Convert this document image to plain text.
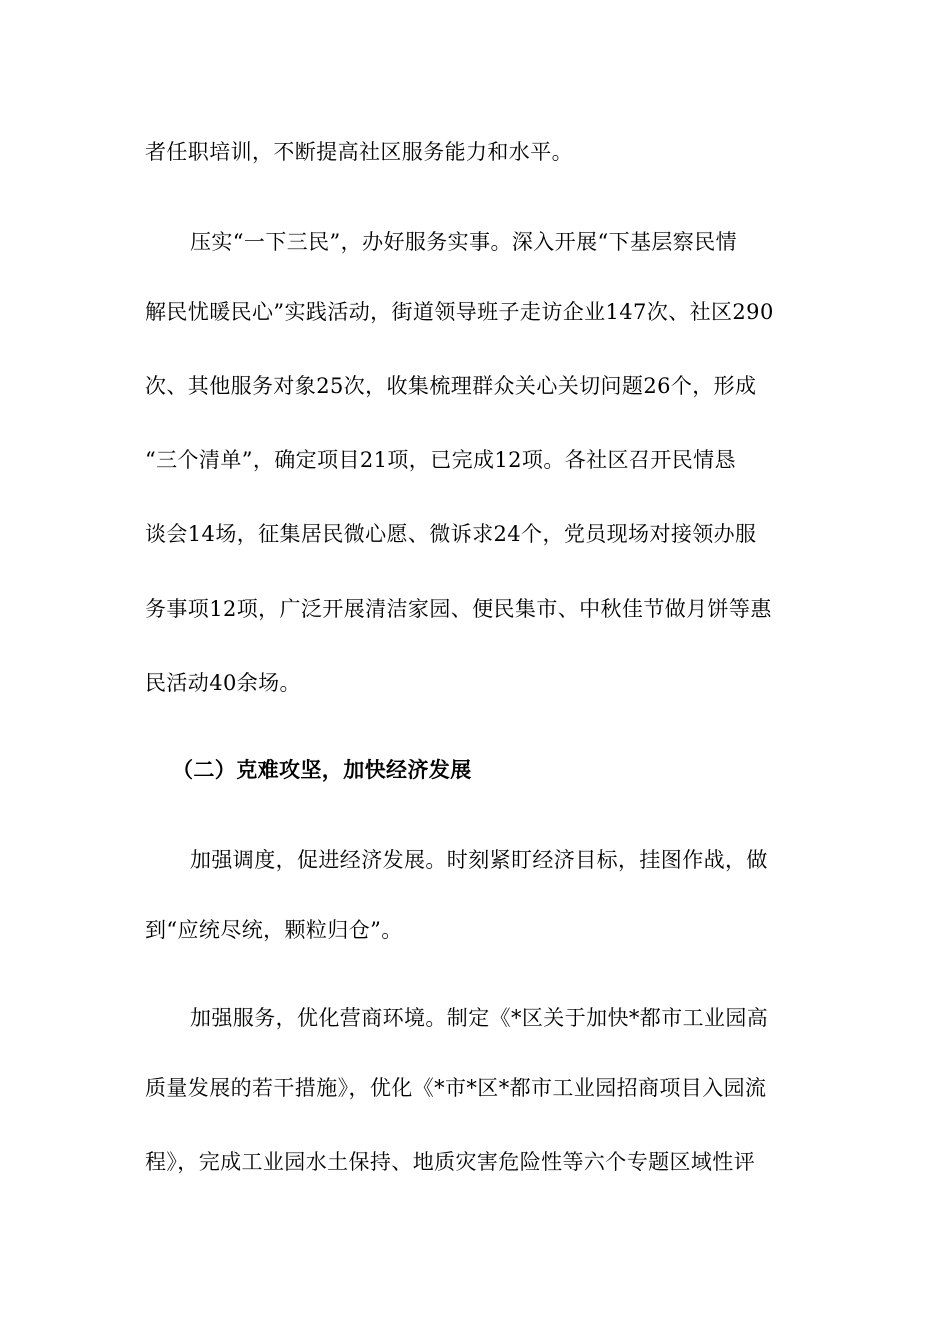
者任职培训，不断提高社区服务能力和水平。
压实“一下三民”，办好服务实事。深入开展“下基层察民情
解民忧暖民心”实践活动，街道领导班子走访企业147次、社区290
次、其他服务对象25次，收集梳理群众关心关切问题26个，形成
“三个清单”，确定项目21项，已完成12项。各社区召开民情恳
谈会14场，征集居民微心愿、微诉求24个，党员现场对接领办服
务事项12项，广泛开展清洁家园、便民集市、中秋佳节做月饼等惠
民活动40余场。
（二）克难攻坚，加快经济发展
加强调度，促进经济发展。时刻紧盯经济目标，挂图作战，做
到“应统尽统，颗粒归仓”。
加强服务，优化营商环境。制定《*区关于加快*都市工业园高
质量发展的若干措施》，优化《*市*区*都市工业园招商项目入园流
程》，完成工业园水土保持、地质灾害危险性等六个专题区域性评
